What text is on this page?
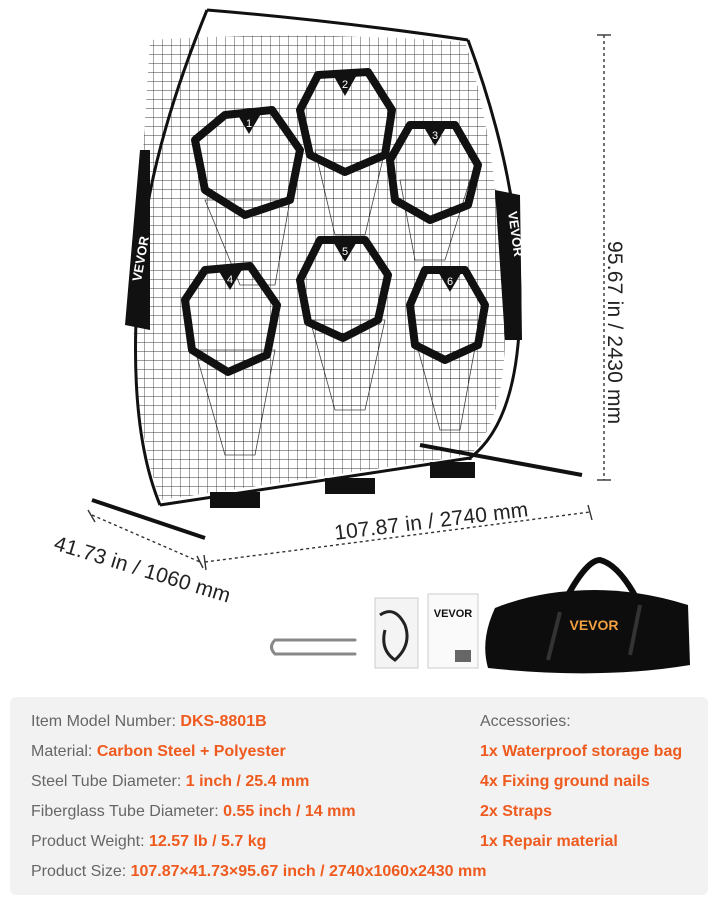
VEVOR
VEVOR
1
2
3
4
5
6
VEVOR
VEVOR
95.67 in / 2430 mm
107.87 in / 2740 mm
41.73 in / 1060 mm
Item Model Number: DKS-8801B
Material: Carbon Steel + Polyester
Steel Tube Diameter: 1 inch / 25.4 mm
Fiberglass Tube Diameter: 0.55 inch / 14 mm
Product Weight: 12.57 lb / 5.7 kg
Product Size: 107.87×41.73×95.67 inch / 2740x1060x2430 mm
Accessories:
1x Waterproof storage bag
4x Fixing ground nails
2x Straps
1x Repair material
